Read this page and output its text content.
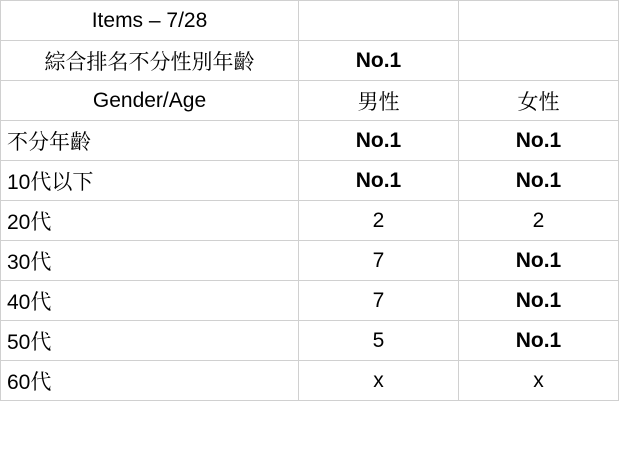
Items – 7/28		
綜合排名不分性別年齡	No.1	
Gender/Age	男性	女性
不分年齡	No.1	No.1
10代以下	No.1	No.1
20代	2	2
30代	7	No.1
40代	7	No.1
50代	5	No.1
60代	x	x
